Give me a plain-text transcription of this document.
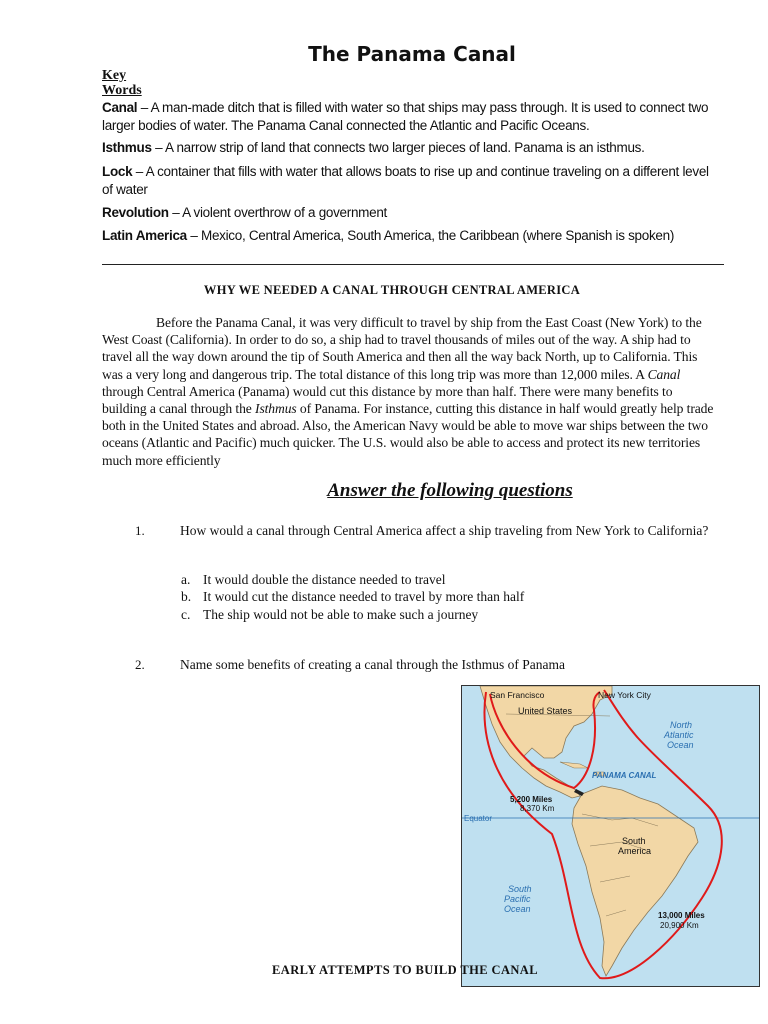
The Panama Canal
Key
Words
Canal – A man-made ditch that is filled with water so that ships may pass through. It is used to connect two larger bodies of water. The Panama Canal connected the Atlantic and Pacific Oceans.
Isthmus – A narrow strip of land that connects two larger pieces of land. Panama is an isthmus.
Lock – A container that fills with water that allows boats to rise up and continue traveling on a different level of water
Revolution – A violent overthrow of a government
Latin America – Mexico, Central America, South America, the Caribbean (where Spanish is spoken)
WHY WE NEEDED A CANAL THROUGH CENTRAL AMERICA
Before the Panama Canal, it was very difficult to travel by ship from the East Coast (New York) to the West Coast (California). In order to do so, a ship had to travel thousands of miles out of the way. A ship had to travel all the way down around the tip of South America and then all the way back North, up to California. This was a very long and dangerous trip. The total distance of this long trip was more than 12,000 miles. A Canal through Central America (Panama) would cut this distance by more than half. There were many benefits to building a canal through the Isthmus of Panama. For instance, cutting this distance in half would greatly help trade both in the United States and abroad. Also, the American Navy would be able to move war ships between the two oceans (Atlantic and Pacific) much quicker. The U.S. would also be able to access and protect its new territories much more efficiently
Answer the following questions
1.	How would a canal through Central America affect a ship traveling from New York to California?
a. It would double the distance needed to travel
b. It would cut the distance needed to travel by more than half
c. The ship would not be able to make such a journey
2.	Name some benefits of creating a canal through the Isthmus of Panama
San Francisco	New York City
United States
North
Atlantic
Ocean
PANAMA CANAL
5,200 Miles
8,370 Km
Equator
South
America
South
Pacific
Ocean
13,000 Miles
20,900 Km
EARLY ATTEMPTS TO BUILD THE CANAL
